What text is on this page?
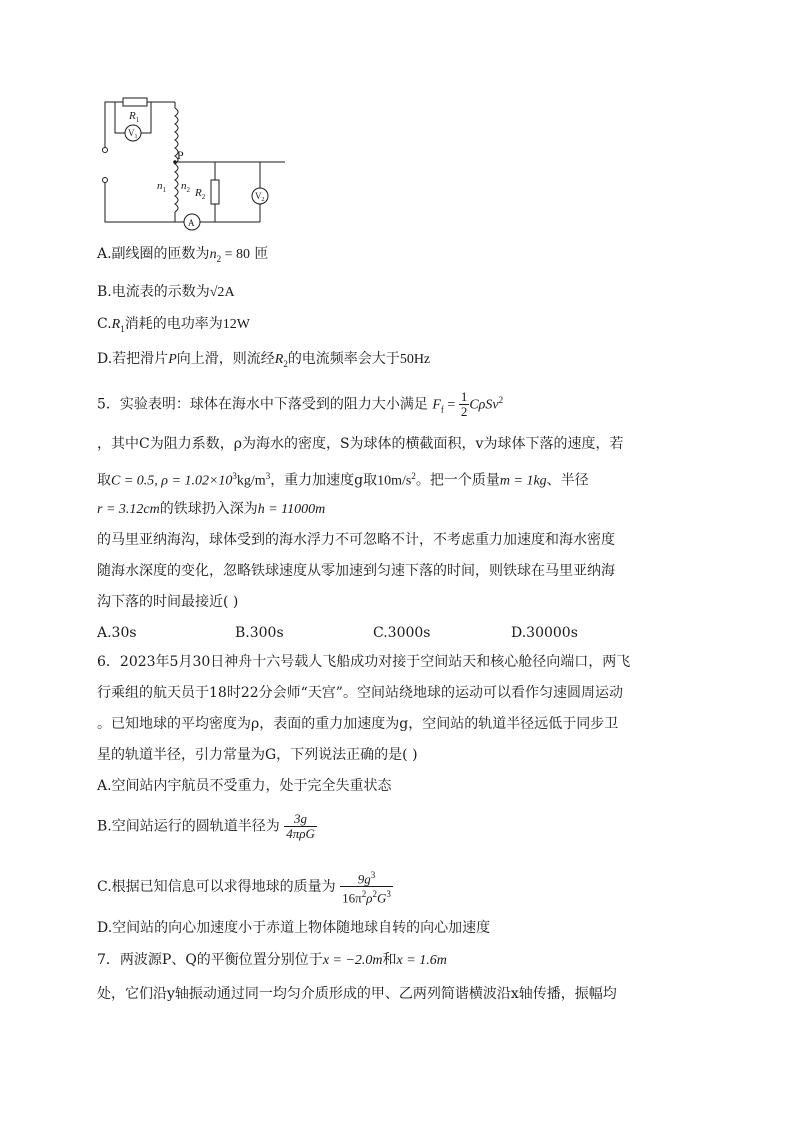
$R_1$
$V_1$
P
$n_1$ $n_2$ $R_2$	$V_2$
A
A.副线圈的匝数为$n_2 = 80$ 匝
B.电流表的示数为√2A
$C.R_1$消耗的电功率为12W
D.若把滑片P向上滑，则流经$R_2$的电流频率会大于50Hz
5．实验表明：球体在海水中下落受到的阻力大小满足 $F_f = \frac{1}{2} C\rho Sv^2$
，其中C为阻力系数，ρ为海水的密度，S为球体的横截面积，v为球体下落的速度，若
取C = 0.5, $\rho = 1.02\times 10^3kg/m^3$，重力加速度g取$10m/s^2$。把一个质量m = 1kg、半径
r = 3.12cm的铁球扔入深为h = 11000m
的马里亚纳海沟，球体受到的海水浮力不可忽略不计，不考虑重力加速度和海水密度
随海水深度的变化，忽略铁球速度从零加速到匀速下落的时间，则铁球在马里亚纳海
沟下落的时间最接近( )
A.30s	B.300s	C.3000s	D.30000s
6．2023年5月30日神舟十六号载人飞船成功对接于空间站天和核心舱径向端口，两飞
行乘组的航天员于18时22分会师“天宫”。空间站绕地球的运动可以看作匀速圆周运动
。已知地球的平均密度为ρ，表面的重力加速度为g，空间站的轨道半径远低于同步卫
星的轨道半径，引力常量为G，下列说法正确的是( )
A.空间站内宇航员不受重力，处于完全失重状态
B.空间站运行的圆轨道半径为 $\frac{3g}{\text{4πρG}}$
C.根据已知信息可以求得地球的质量为 $\frac{9g^3}{16\pi^2\rho^2G^3}$
D.空间站的向心加速度小于赤道上物体随地球自转的向心加速度
7．两波源P、Q的平衡位置分别位于x = −2.0m和x = 1.6m
处，它们沿y轴振动通过同一均匀介质形成的甲、乙两列简谐横波沿x轴传播，振幅均
